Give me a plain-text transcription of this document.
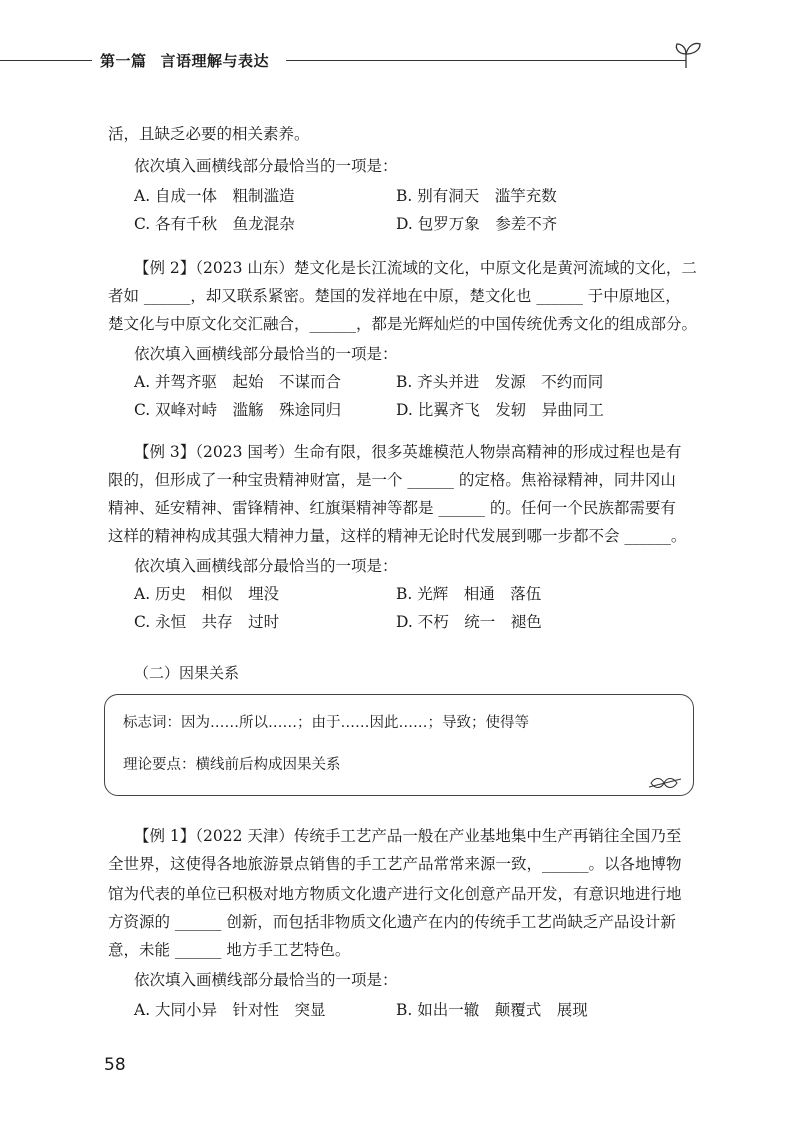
第一篇 言语理解与表达
活，且缺乏必要的相关素养。
依次填入画横线部分最恰当的一项是：
A. 自成一体　粗制滥造	B. 别有洞天　滥竽充数
C. 各有千秋　鱼龙混杂	D. 包罗万象　参差不齐
【例 2】（2023 山东）楚文化是长江流域的文化，中原文化是黄河流域的文化，二
者如 ______，却又联系紧密。楚国的发祥地在中原，楚文化也 ______ 于中原地区，
楚文化与中原文化交汇融合，______，都是光辉灿烂的中国传统优秀文化的组成部分。
依次填入画横线部分最恰当的一项是：
A. 并驾齐驱　起始　不谋而合	B. 齐头并进　发源　不约而同
C. 双峰对峙　滥觞　殊途同归	D. 比翼齐飞　发轫　异曲同工
【例 3】（2023 国考）生命有限，很多英雄模范人物崇高精神的形成过程也是有
限的，但形成了一种宝贵精神财富，是一个 ______ 的定格。焦裕禄精神，同井冈山
精神、延安精神、雷锋精神、红旗渠精神等都是 ______ 的。任何一个民族都需要有
这样的精神构成其强大精神力量，这样的精神无论时代发展到哪一步都不会 ______。
依次填入画横线部分最恰当的一项是：
A. 历史　相似　埋没	B. 光辉　相通　落伍
C. 永恒　共存　过时	D. 不朽　统一　褪色
（二）因果关系
标志词：因为……所以……；由于……因此……；导致；使得等
理论要点：横线前后构成因果关系
【例 1】（2022 天津）传统手工艺产品一般在产业基地集中生产再销往全国乃至
全世界，这使得各地旅游景点销售的手工艺产品常常来源一致，______。以各地博物
馆为代表的单位已积极对地方物质文化遗产进行文化创意产品开发，有意识地进行地
方资源的 ______ 创新，而包括非物质文化遗产在内的传统手工艺尚缺乏产品设计新
意，未能 ______ 地方手工艺特色。
依次填入画横线部分最恰当的一项是：
A. 大同小异　针对性　突显	B. 如出一辙　颠覆式　展现
58
